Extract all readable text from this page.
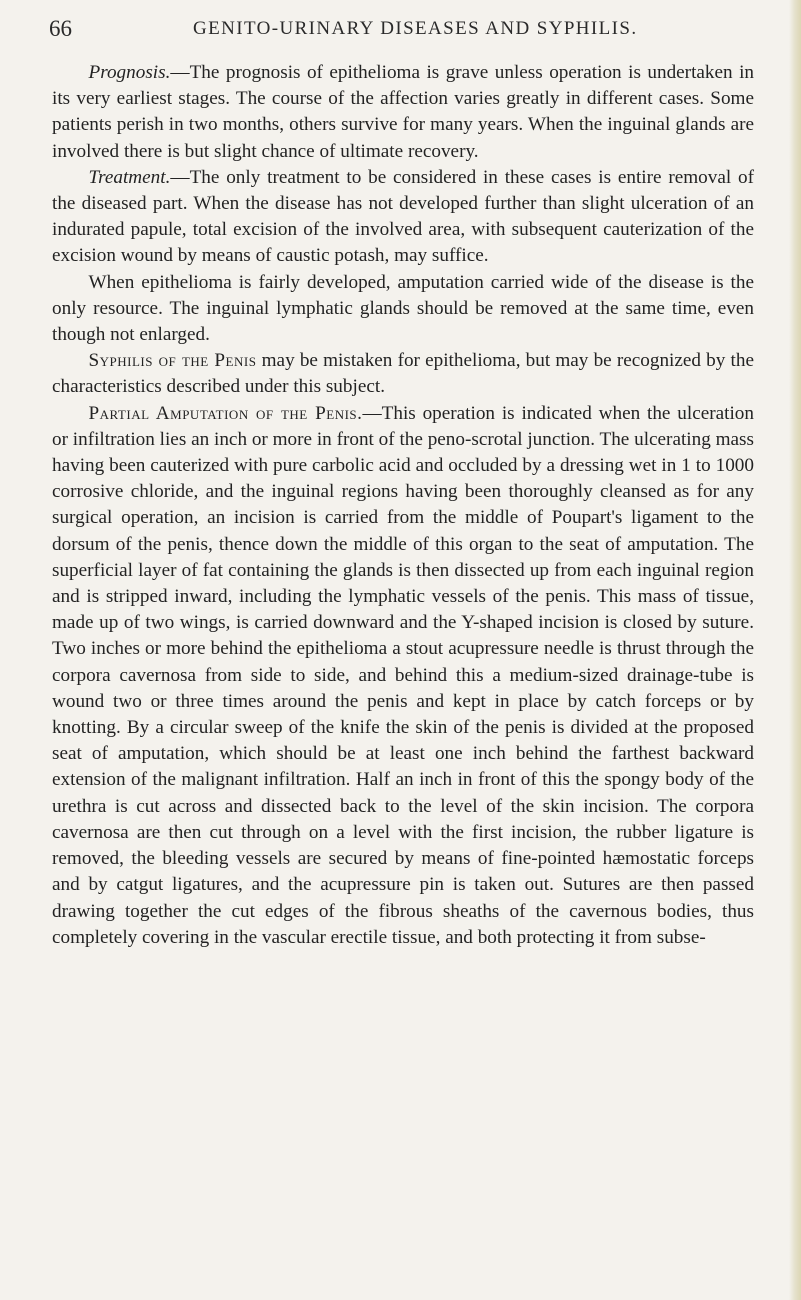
66	GENITO-URINARY DISEASES AND SYPHILIS.

Prognosis.—The prognosis of epithelioma is grave unless operation is undertaken in its very earliest stages. The course of the affection varies greatly in different cases. Some patients perish in two months, others survive for many years. When the inguinal glands are involved there is but slight chance of ultimate recovery.

Treatment.—The only treatment to be considered in these cases is entire removal of the diseased part. When the disease has not developed further than slight ulceration of an indurated papule, total excision of the involved area, with subsequent cauterization of the excision wound by means of caustic potash, may suffice.

When epithelioma is fairly developed, amputation carried wide of the disease is the only resource. The inguinal lymphatic glands should be removed at the same time, even though not enlarged.

Syphilis of the Penis may be mistaken for epithelioma, but may be recognized by the characteristics described under this subject.

Partial Amputation of the Penis.—This operation is indicated when the ulceration or infiltration lies an inch or more in front of the peno-scrotal junction. The ulcerating mass having been cauterized with pure carbolic acid and occluded by a dressing wet in 1 to 1000 corrosive chloride, and the inguinal regions having been thoroughly cleansed as for any surgical operation, an incision is carried from the middle of Poupart's ligament to the dorsum of the penis, thence down the middle of this organ to the seat of amputation. The superficial layer of fat containing the glands is then dissected up from each inguinal region and is stripped inward, including the lymphatic vessels of the penis. This mass of tissue, made up of two wings, is carried downward and the Y-shaped incision is closed by suture. Two inches or more behind the epithelioma a stout acupressure needle is thrust through the corpora cavernosa from side to side, and behind this a medium-sized drainage-tube is wound two or three times around the penis and kept in place by catch forceps or by knotting. By a circular sweep of the knife the skin of the penis is divided at the proposed seat of amputation, which should be at least one inch behind the farthest backward extension of the malignant infiltration. Half an inch in front of this the spongy body of the urethra is cut across and dissected back to the level of the skin incision. The corpora cavernosa are then cut through on a level with the first incision, the rubber ligature is removed, the bleeding vessels are secured by means of fine-pointed hæmostatic forceps and by catgut ligatures, and the acupressure pin is taken out. Sutures are then passed drawing together the cut edges of the fibrous sheaths of the cavernous bodies, thus completely covering in the vascular erectile tissue, and both protecting it from subse-
